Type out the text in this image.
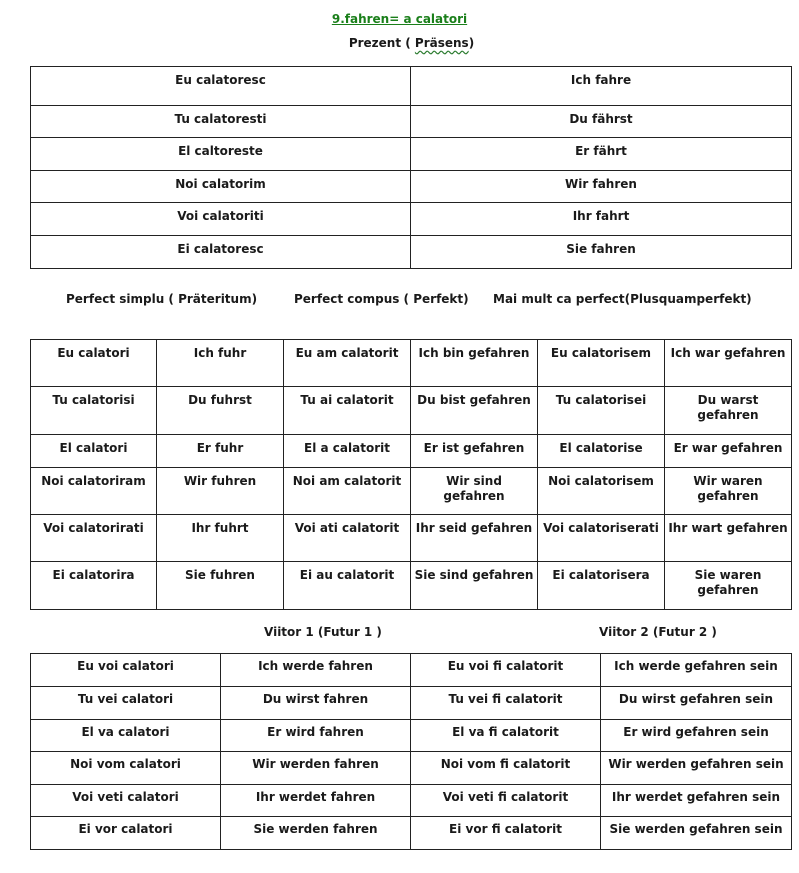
9.fahren= a calatori
Prezent ( Präsens)
Eu calatoresc	Ich fahre
Tu calatoresti	Du fährst
El caltoreste	Er fährt
Noi calatorim	Wir fahren
Voi calatoriti	Ihr fahrt
Ei calatoresc	Sie fahren
Perfect simplu ( Präteritum)	Perfect compus ( Perfekt) Mai mult ca perfect(Plusquamperfekt)
Eu calatori	Ich fuhr	Eu am calatorit	Ich bin gefahren	Eu calatorisem	Ich war gefahren
Tu calatorisi	Du fuhrst	Tu ai calatorit	Du bist gefahren	Tu calatorisei	Du warst gefahren
El calatori	Er fuhr	El a calatorit	Er ist gefahren	El calatorise	Er war gefahren
Noi calatoriram	Wir fuhren	Noi am calatorit	Wir sind gefahren	Noi calatorisem	Wir waren gefahren
Voi calatorirati	Ihr fuhrt	Voi ati calatorit	Ihr seid gefahren	Voi calatoriserati	Ihr wart gefahren
Ei calatorira	Sie fuhren	Ei au calatorit	Sie sind gefahren	Ei calatorisera	Sie waren gefahren
Viitor 1 (Futur 1 )	Viitor 2 (Futur 2 )
Eu voi calatori	Ich werde fahren	Eu voi fi calatorit	Ich werde gefahren sein
Tu vei calatori	Du wirst fahren	Tu vei fi calatorit	Du wirst gefahren sein
El va calatori	Er wird fahren	El va fi calatorit	Er wird gefahren sein
Noi vom calatori	Wir werden fahren	Noi vom fi calatorit	Wir werden gefahren sein
Voi veti calatori	Ihr werdet fahren	Voi veti fi calatorit	Ihr werdet gefahren sein
Ei vor calatori	Sie werden fahren	Ei vor fi calatorit	Sie werden gefahren sein
